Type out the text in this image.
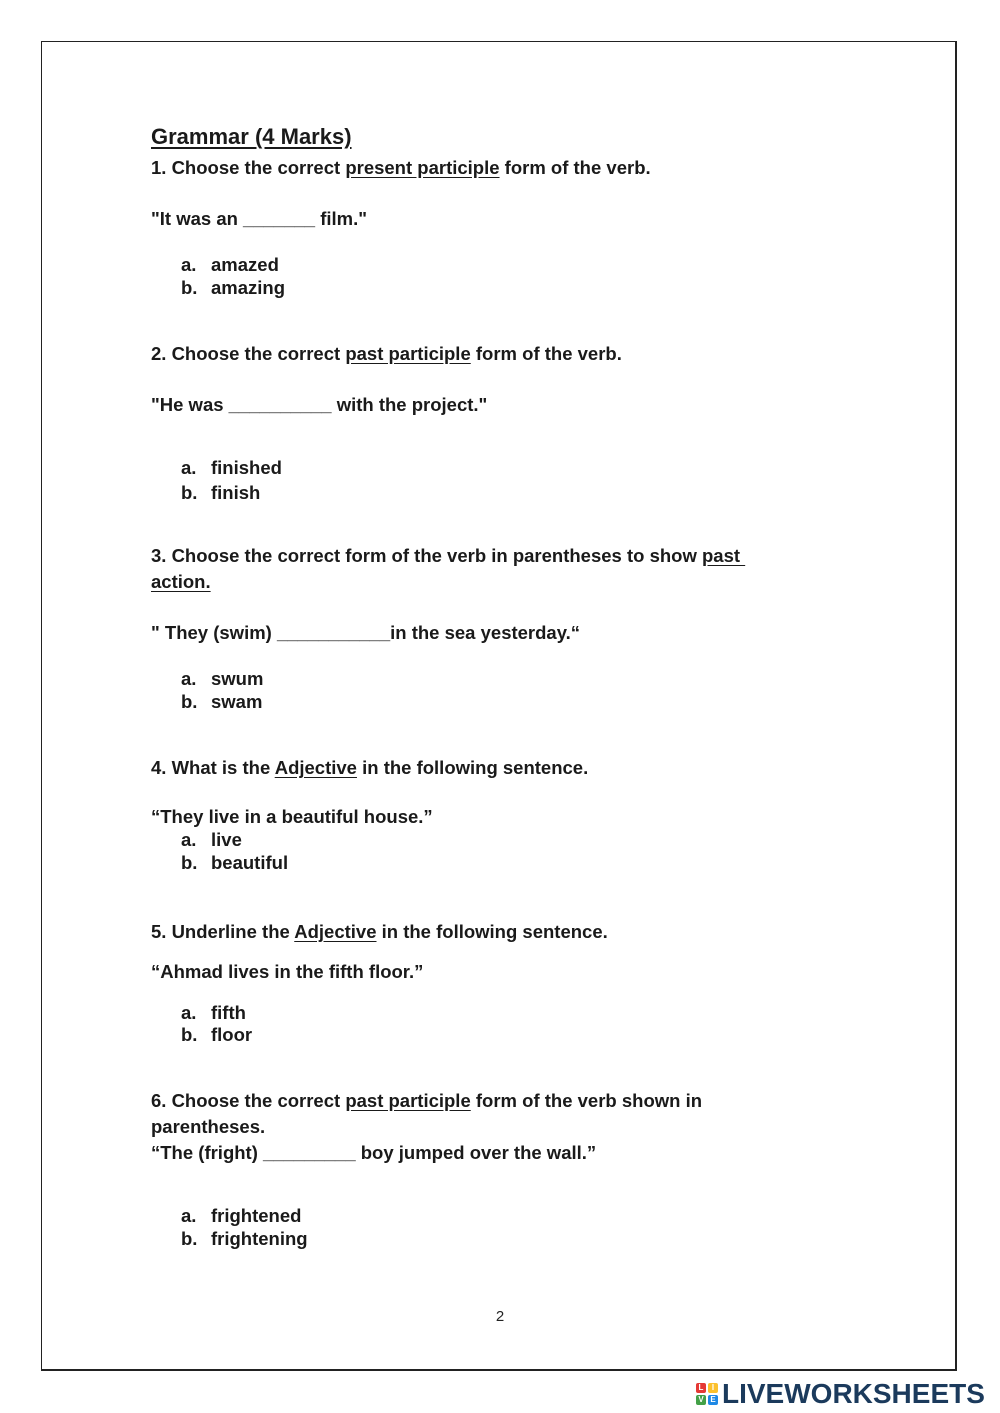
Grammar (4 Marks)
1. Choose the correct present participle form of the verb.
"It was an _______ film."
a. amazed
b. amazing
2. Choose the correct past participle form of the verb.
"He was __________ with the project."
a. finished
b. finish
3. Choose the correct form of the verb in parentheses to show past
action.
" They (swim) ___________in the sea yesterday.“
a. swum
b. swam
4. What is the Adjective in the following sentence.
“They live in a beautiful house.”
a. live
b. beautiful
5. Underline the Adjective in the following sentence.
“Ahmad lives in the fifth floor.”
a. fifth
b. floor
6. Choose the correct past participle form of the verb shown in
parentheses.
“The (fright) _________ boy jumped over the wall.”
a. frightened
b. frightening
2
L	I
V E LIVEWORKSHEETS
